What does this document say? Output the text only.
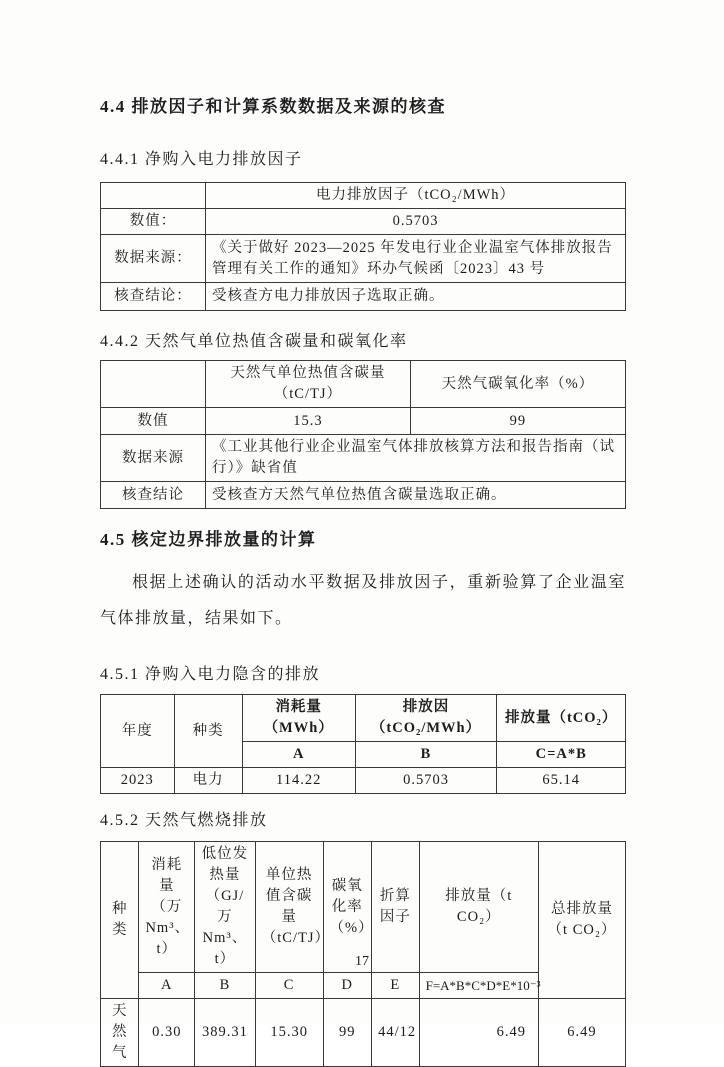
4.4 排放因子和计算系数数据及来源的核查
4.4.1 净购入电力排放因子
	电力排放因子（tCO₂/MWh）
数值：	0.5703
数据来源：	《关于做好 2023—2025 年发电行业企业温室气体排放报告管理有关工作的通知》环办气候函〔2023〕43 号
核查结论：	受核查方电力排放因子选取正确。
4.4.2 天然气单位热值含碳量和碳氧化率
	天然气单位热值含碳量（tC/TJ）	天然气碳氧化率（%）
数值	15.3	99
数据来源	《工业其他行业企业温室气体排放核算方法和报告指南（试行）》缺省值	
核查结论	受核查方天然气单位热值含碳量选取正确。	
4.5 核定边界排放量的计算

根据上述确认的活动水平数据及排放因子，重新验算了企业温室气体排放量，结果如下。

4.5.1 净购入电力隐含的排放
年度	种类	消耗量（MWh）	排放因（tCO₂/MWh）	排放量（tCO₂）
		A	B	C=A*B
2023	电力	114.22	0.5703	65.14
4.5.2 天然气燃烧排放
种类	消耗量（万 Nm³、t）	低位发热量（GJ/万 Nm³、t）	单位热值含碳量（tC/TJ）	碳氧化率（%）	折算因子	排放量（t CO₂）	总排放量（t CO₂）
	A	B	C	D	E	F=A*B*C*D*E*10⁻³	
天然气	0.30	389.31	15.30	99	44/12	6.49	6.49
17
